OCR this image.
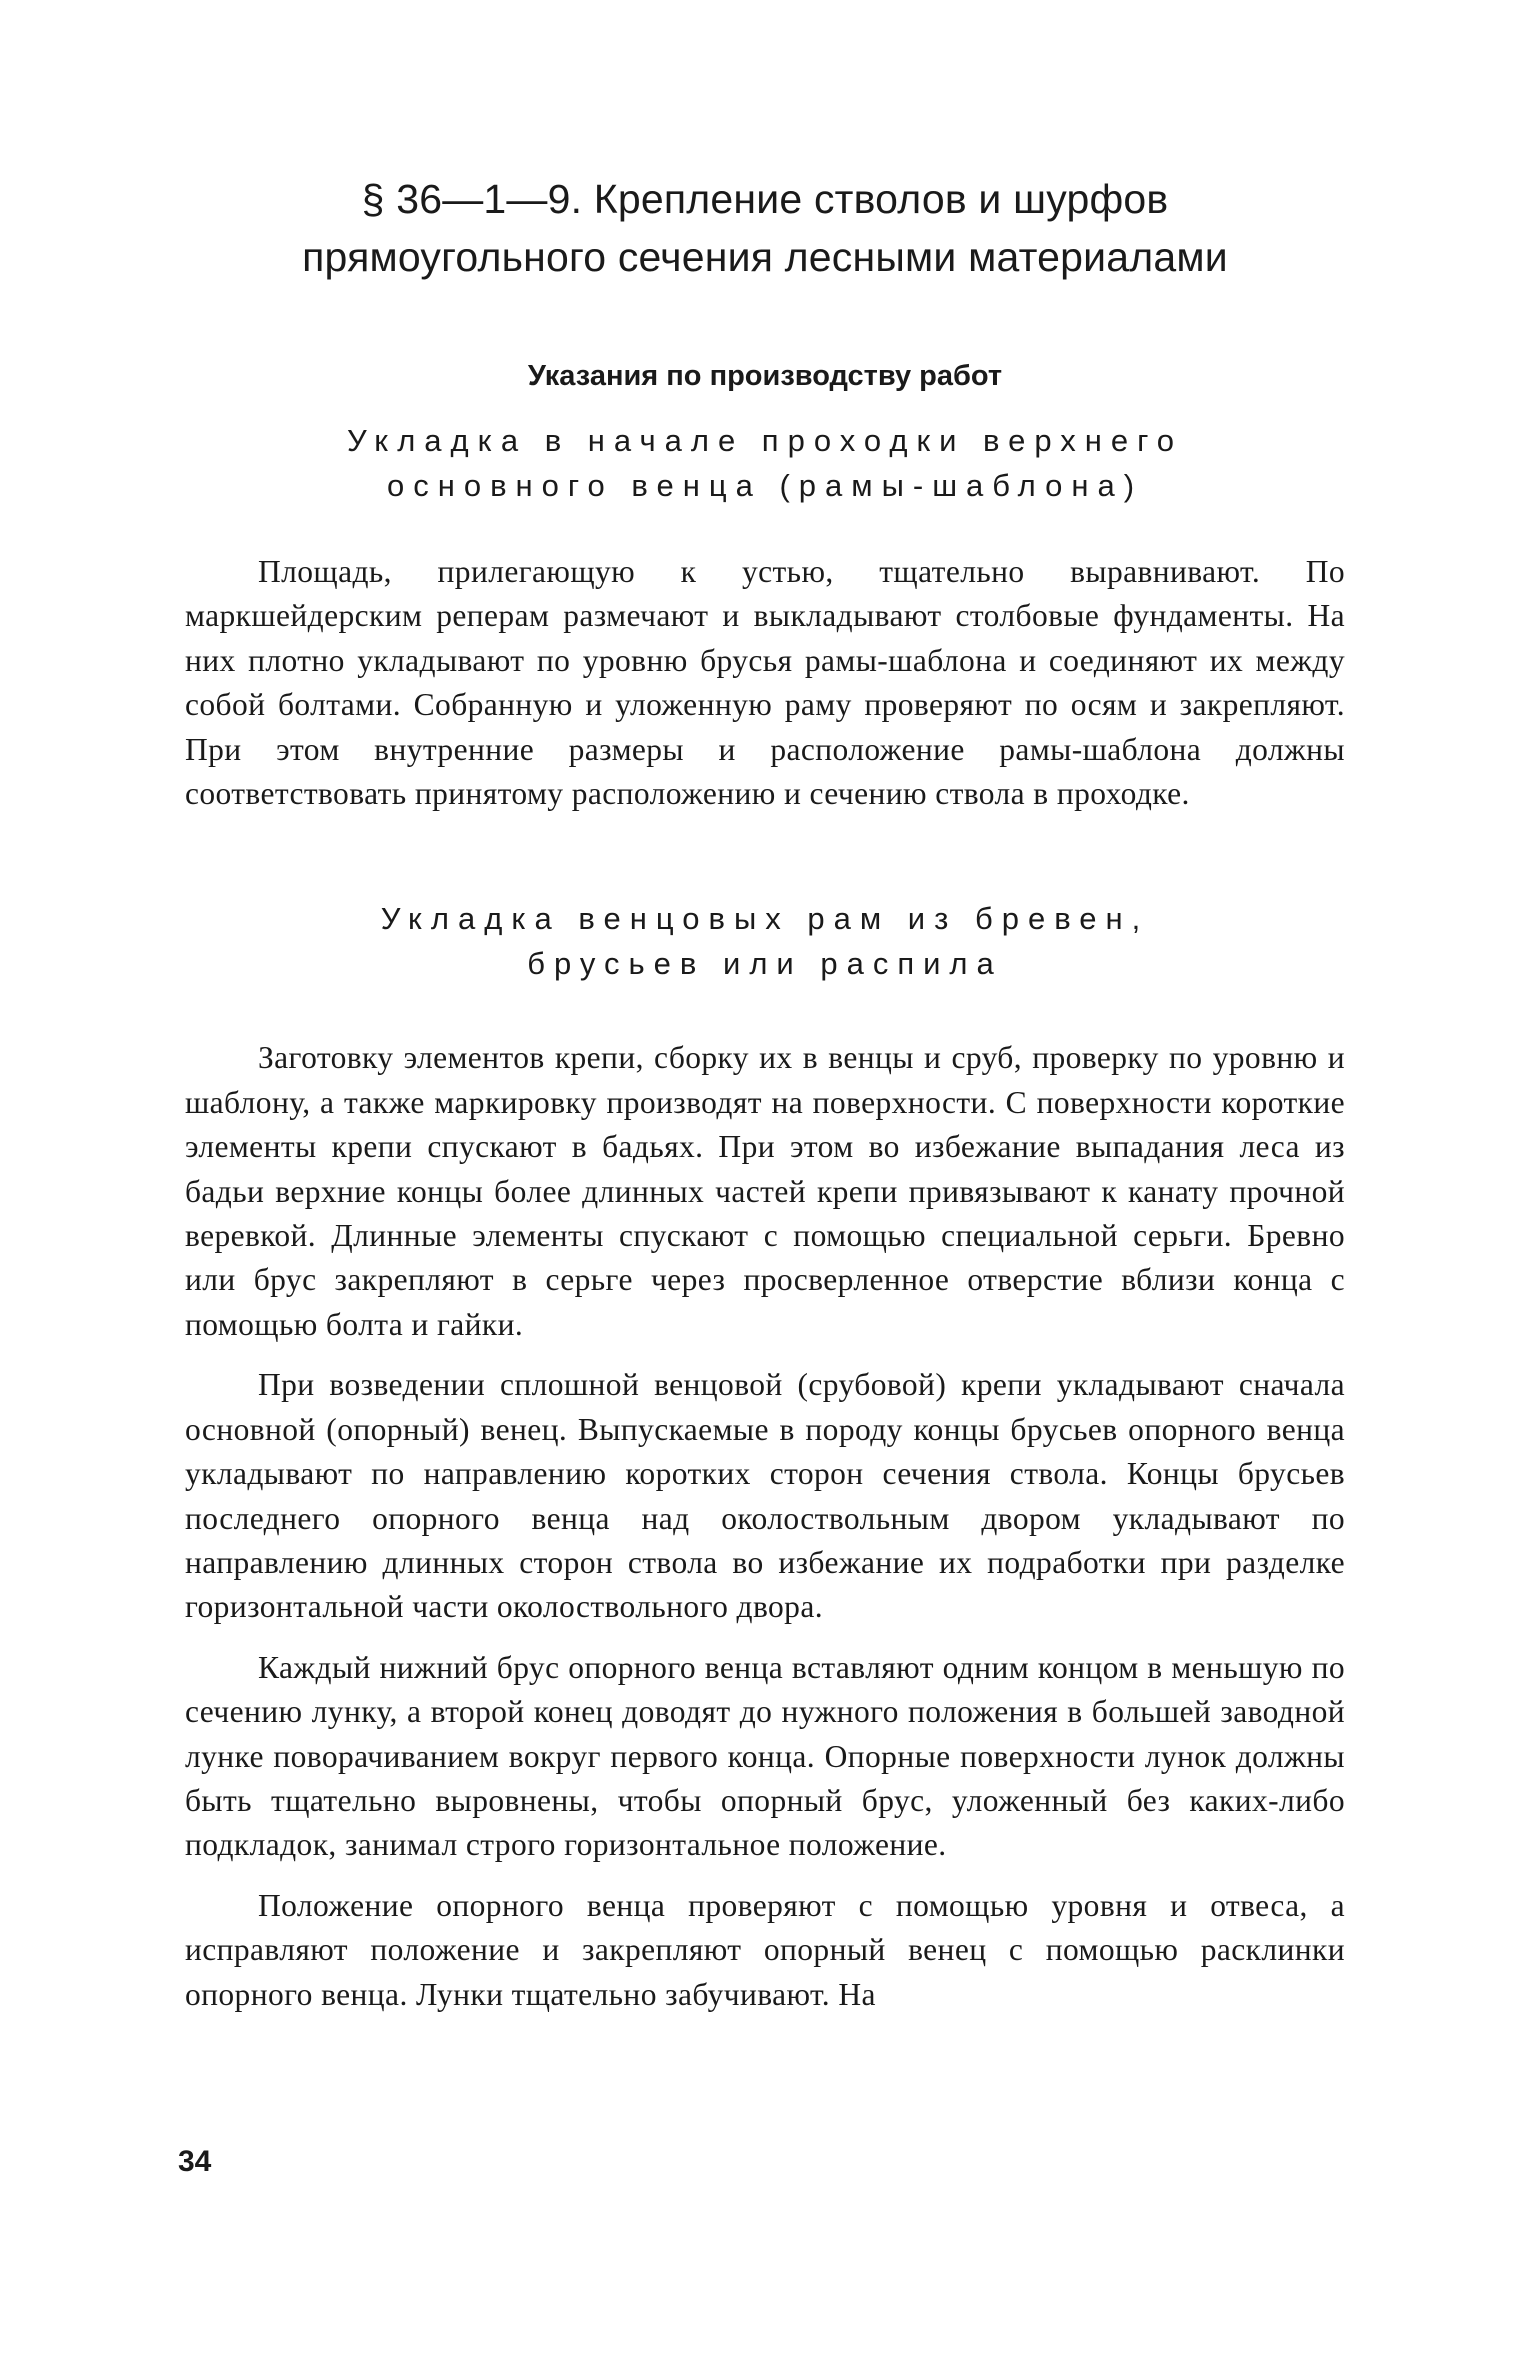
§ 36—1—9. Крепление стволов и шурфов
прямоугольного сечения лесными материалами
Указания по производству работ
Укладка в начале проходки верхнего
основного венца (рамы-шаблона)

Площадь, прилегающую к устью, тщательно выравнивают. По маркшейдерским реперам размечают и выкладывают столбовые фундаменты. На них плотно укладывают по уровню брусья рамы-шаблона и соединяют их между собой болтами. Собранную и уложенную раму проверяют по осям и закрепляют. При этом внутренние размеры и расположение рамы-шаблона должны соответствовать принятому расположению и сечению ствола в проходке.

Укладка венцовых рам из бревен,
брусьев или распила

Заготовку элементов крепи, сборку их в венцы и сруб, проверку по уровню и шаблону, а также маркировку производят на поверхности. С поверхности короткие элементы крепи спускают в бадьях. При этом во избежание выпадания леса из бадьи верхние концы более длинных частей крепи привязывают к канату прочной веревкой. Длинные элементы спускают с помощью специальной серьги. Бревно или брус закрепляют в серьге через просверленное отверстие вблизи конца с помощью болта и гайки.

При возведении сплошной венцовой (срубовой) крепи укладывают сначала основной (опорный) венец. Выпускаемые в породу концы брусьев опорного венца укладывают по направлению коротких сторон сечения ствола. Концы брусьев последнего опорного венца над околоствольным двором укладывают по направлению длинных сторон ствола во избежание их подработки при разделке горизонтальной части околоствольного двора.

Каждый нижний брус опорного венца вставляют одним концом в меньшую по сечению лунку, а второй конец доводят до нужного положения в большей заводной лунке поворачиванием вокруг первого конца. Опорные поверхности лунок должны быть тщательно выровнены, чтобы опорный брус, уложенный без каких-либо подкладок, занимал строго горизонтальное положение.

Положение опорного венца проверяют с помощью уровня и отвеса, а исправляют положение и закрепляют опорный венец с помощью расклинки опорного венца. Лунки тщательно забучивают. На

34
